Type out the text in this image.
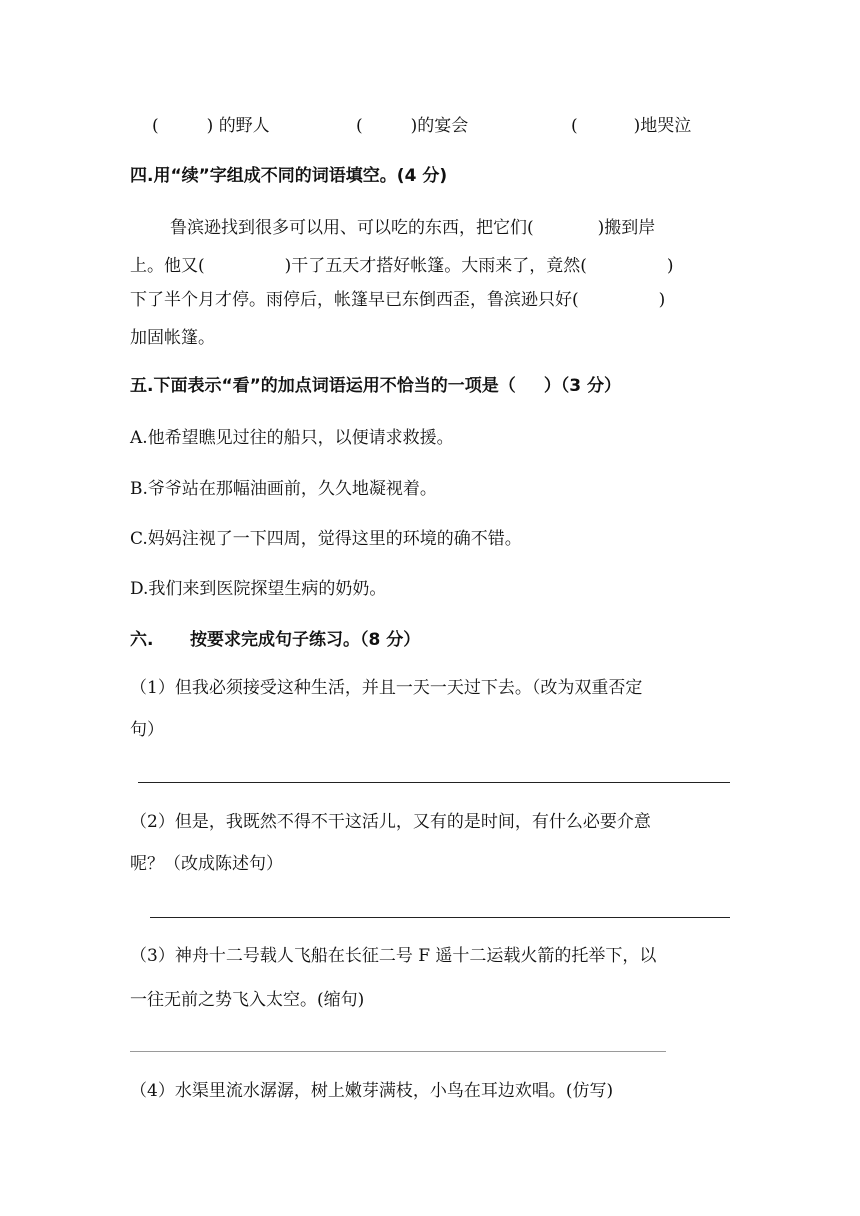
(	) 的野人	(	)的宴会	(	)地哭泣
四.用“续”字组成不同的词语填空。(4 分)
鲁滨逊找到很多可以用、可以吃的东西，把它们(	)搬到岸
上。他又(	)干了五天才搭好帐篷。大雨来了，竟然(	)
下了半个月才停。雨停后，帐篷早已东倒西歪，鲁滨逊只好(	)
加固帐篷。
五.下面表示“看”的加点词语运用不恰当的一项是（ ）（3 分）
A.他希望瞧见过往的船只，以便请求救援。
B.爷爷站在那幅油画前，久久地凝视着。
C.妈妈注视了一下四周，觉得这里的环境的确不错。
D.我们来到医院探望生病的奶奶。
六. 按要求完成句子练习。（8 分）
（1）但我必须接受这种生活，并且一天一天过下去。（改为双重否定
句）
（2）但是，我既然不得不干这活儿，又有的是时间，有什么必要介意
呢？（改成陈述句）
（3）神舟十二号载人飞船在长征二号 F 遥十二运载火箭的托举下，以
一往无前之势飞入太空。(缩句)
（4）水渠里流水潺潺，树上嫩芽满枝，小鸟在耳边欢唱。(仿写)
